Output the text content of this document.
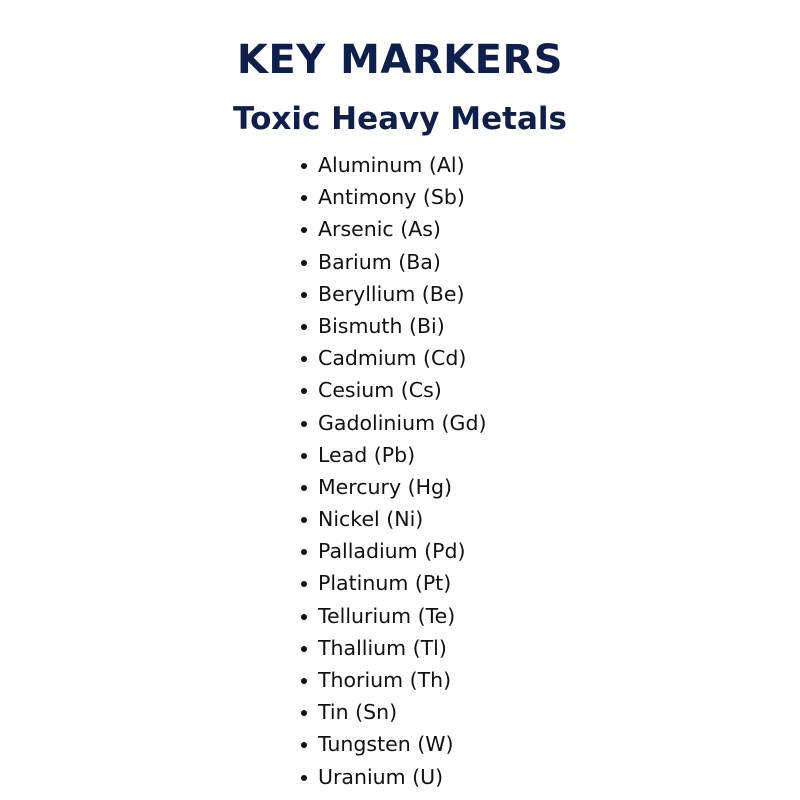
KEY MARKERS
Toxic Heavy Metals
Aluminum (Al)
Antimony (Sb)
Arsenic (As)
Barium (Ba)
Beryllium (Be)
Bismuth (Bi)
Cadmium (Cd)
Cesium (Cs)
Gadolinium (Gd)
Lead (Pb)
Mercury (Hg)
Nickel (Ni)
Palladium (Pd)
Platinum (Pt)
Tellurium (Te)
Thallium (Tl)
Thorium (Th)
Tin (Sn)
Tungsten (W)
Uranium (U)
